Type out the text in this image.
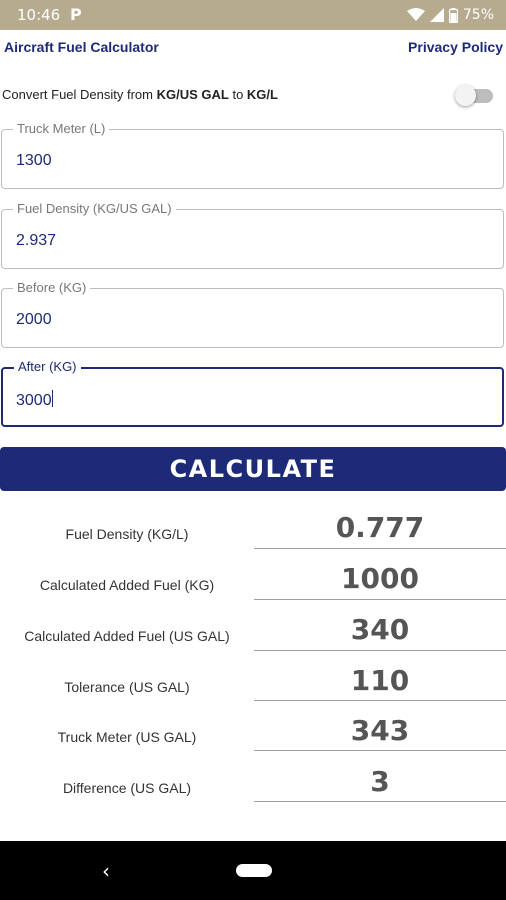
10:46 P	75%
Aircraft Fuel Calculator	Privacy Policy
Convert Fuel Density from KG/US GAL to KG/L
Truck Meter (L)
1300
Fuel Density (KG/US GAL)
2.937
Before (KG)
2000
After (KG)
3000
CALCULATE
Fuel Density (KG/L)	0.777
Calculated Added Fuel (KG)	1000
Calculated Added Fuel (US GAL)	340
Tolerance (US GAL)	110
Truck Meter (US GAL)	343
Difference (US GAL)	3
‹
